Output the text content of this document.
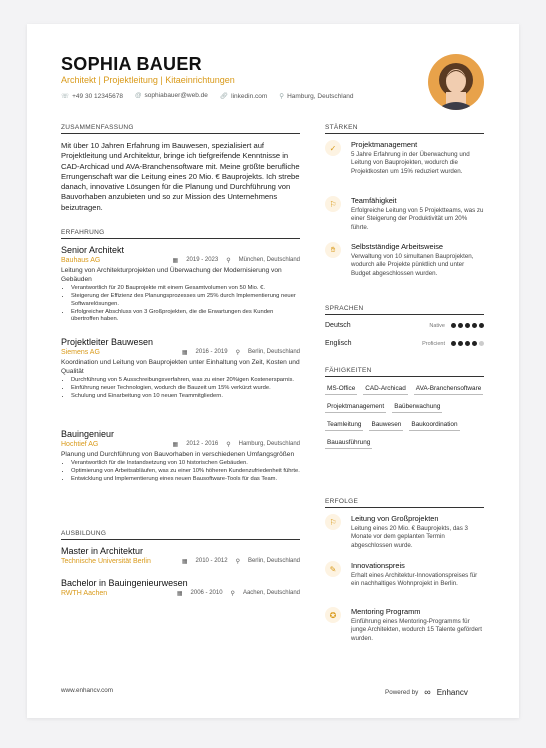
SOPHIA BAUER
Architekt | Projektleitung | Kitaeinrichtungen
☏ +49 30 12345678 @ sophiabauer@web.de 🔗︎ linkedin.com ⚲ Hamburg, Deutschland
ZUSAMMENFASSUNG
Mit über 10 Jahren Erfahrung im Bauwesen, spezialisiert auf Projektleitung und Architektur, bringe ich tiefgreifende Kenntnisse in CAD-Archicad und AVA-Branchensoftware mit. Meine größte berufliche Errungenschaft war die Leitung eines 20 Mio. € Bauprojekts. Ich strebe danach, innovative Lösungen für die Planung und Durchführung von Bauvorhaben anzubieten und so zur Mission des Unternehmens beizutragen.
ERFAHRUNG
Senior Architekt
Bauhaus AG	▦ 2019 - 2023 ⚲ München, Deutschland

Leitung von Architekturprojekten und Überwachung der Modernisierung von Gebäuden

• Verantwortlich für 20 Bauprojekte mit einem Gesamtvolumen von 50 Mio. €.
• Steigerung der Effizienz des Planungsprozesses um 25% durch Implementierung neuer Softwarelösungen.
• Erfolgreicher Abschluss von 3 Großprojekten, die die Erwartungen des Kunden übertroffen haben.
Projektleiter Bauwesen
Siemens AG	▦ 2016 - 2019 ⚲ Berlin, Deutschland

Koordination und Leitung von Bauprojekten unter Einhaltung von Zeit, Kosten und Qualität

• Durchführung von 5 Ausschreibungsverfahren, was zu einer 20%igen Kostenersparnis.
• Einführung neuer Technologien, wodurch die Bauzeit um 15% verkürzt wurde.
• Schulung und Einarbeitung von 10 neuen Teammitgliedern.
Bauingenieur
Hochtief AG	▦ 2012 - 2016 ⚲ Hamburg, Deutschland

Planung und Durchführung von Bauvorhaben in verschiedenen Umfangsgrößen

• Verantwortlich für die Instandsetzung von 10 historischen Gebäuden.
• Optimierung von Arbeitsabläufen, was zu einer 10% höheren Kundenzufriedenheit führte.
• Entwicklung und Implementierung eines neuen Bausoftware-Tools für das Team.
AUSBILDUNG
Master in Architektur
Technische Universität Berlin	▦ 2010 - 2012 ⚲ Berlin, Deutschland
Bachelor in Bauingenieurwesen
RWTH Aachen	▦ 2006 - 2010 ⚲ Aachen, Deutschland
STÄRKEN
✓	Projektmanagement

5 Jahre Erfahrung in der Überwachung und Leitung von Bauprojekten, wodurch die Projektkosten um 15% reduziert wurden.

⚐	Teamfähigkeit

Erfolgreiche Leitung von 5 Projektteams, was zu einer Steigerung der Produktivität um 20% führte.

✋︎	Selbstständige Arbeitsweise

Verwaltung von 10 simultanen Bauprojekten, wodurch alle Projekte pünktlich und unter Budget abgeschlossen wurden.

SPRACHEN
Deutsch	Native
Englisch	Proficient
FÄHIGKEITEN
MS-Office	CAD-Archicad	AVA-Branchensoftware
Projektmanagement	Baüberwachung
Teamleitung	Bauwesen	Baukoordination
Bauausführung
ERFOLGE
⚐	Leitung von Großprojekten

Leitung eines 20 Mio. € Bauprojekts, das 3 Monate vor dem geplanten Termin abgeschlossen wurde.

✎	Innovationspreis

Erhalt eines Architektur-Innovationspreises für ein nachhaltiges Wohnprojekt in Berlin.

✪	Mentoring Programm

Einführung eines Mentoring-Programms für junge Architekten, wodurch 15 Talente gefördert wurden.

www.enhancv.com	Powered by ∞ Enhancv
